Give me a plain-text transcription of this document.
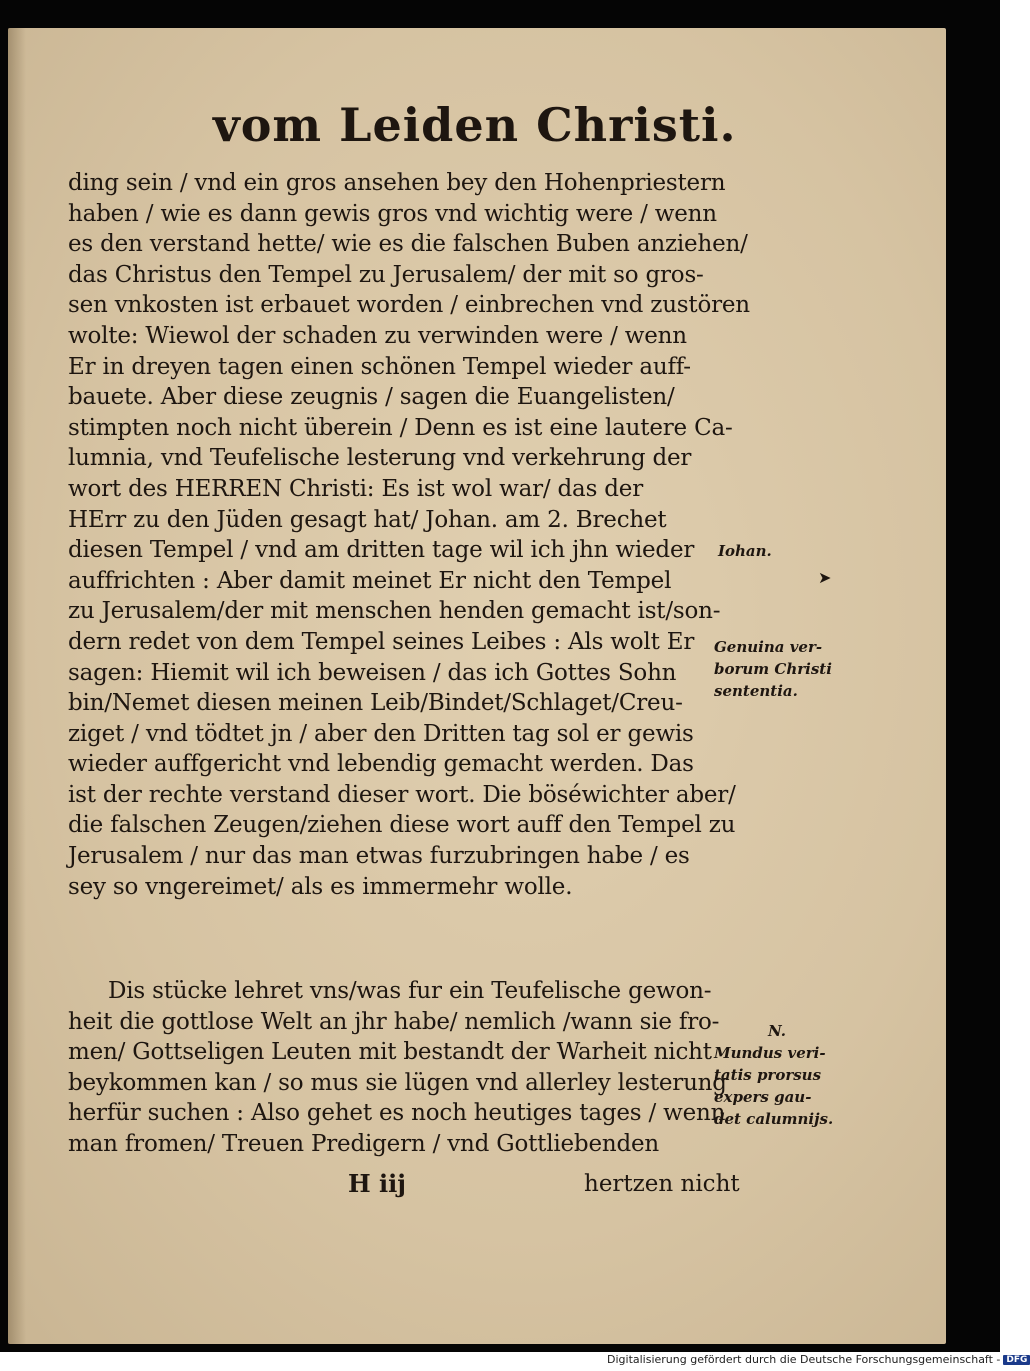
vom Leiden Christi.
ding sein / vnd ein gros ansehen bey den Hohenpriestern
haben / wie es dann gewis gros vnd wichtig were / wenn
es den verstand hette/ wie es die falschen Buben anziehen/
das Christus den Tempel zu Jerusalem/ der mit so gros-
sen vnkosten ist erbauet worden / einbrechen vnd zustören
wolte: Wiewol der schaden zu verwinden were / wenn
Er in dreyen tagen einen schönen Tempel wieder auff-
bauete. Aber diese zeugnis / sagen die Euangelisten/
stimpten noch nicht überein / Denn es ist eine lautere Ca-
lumnia, vnd Teufelische lesterung vnd verkehrung der
wort des HERREN Christi: Es ist wol war/ das der
HErr zu den Jüden gesagt hat/ Johan. am 2. Brechet
diesen Tempel / vnd am dritten tage wil ich jhn wieder
auffrichten : Aber damit meinet Er nicht den Tempel
zu Jerusalem/der mit menschen henden gemacht ist/son-
dern redet von dem Tempel seines Leibes : Als wolt Er
sagen: Hiemit wil ich beweisen / das ich Gottes Sohn
bin/Nemet diesen meinen Leib/Bindet/Schlaget/Creu-
ziget / vnd tödtet jn / aber den Dritten tag sol er gewis
wieder auffgericht vnd lebendig gemacht werden. Das
ist der rechte verstand dieser wort. Die böséwichter aber/
die falschen Zeugen/ziehen diese wort auff den Tempel zu
Jerusalem / nur das man etwas furzubringen habe / es
sey so vngereimet/ als es immermehr wolle.
Dis stücke lehret vns/was fur ein Teufelische gewon-
heit die gottlose Welt an jhr habe/ nemlich /wann sie fro-
men/ Gottseligen Leuten mit bestandt der Warheit nicht
beykommen kan / so mus sie lügen vnd allerley lesterung
herfür suchen : Also gehet es noch heutiges tages / wenn
man fromen/ Treuen Predigern / vnd Gottliebenden
H iij	hertzen nicht
Iohan.
➤
Genuina ver-
borum Christi
sententia.
N.
Mundus veri-
tatis prorsus
expers gau-
det calumnijs.
Digitalisierung gefördert durch die Deutsche Forschungsgemeinschaft - DFG
